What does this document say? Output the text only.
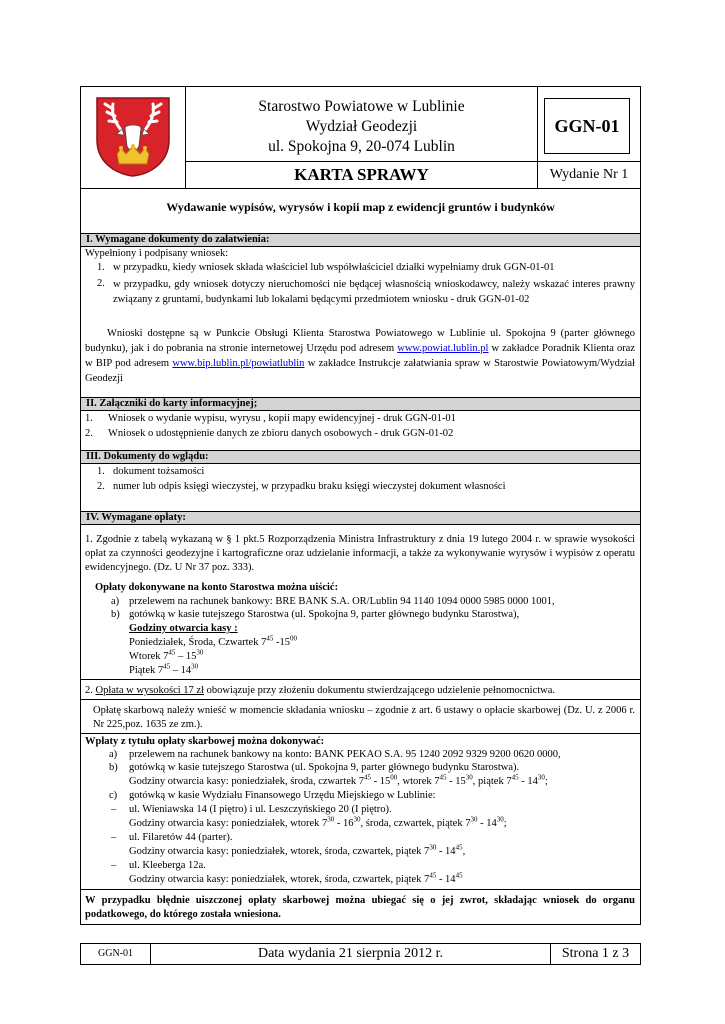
Starostwo Powiatowe w Lublinie
Wydział Geodezji
ul. Spokojna 9, 20-074 Lublin
GGN-01
KARTA SPRAWY	Wydanie Nr 1
Wydawanie wypisów, wyrysów i kopii map z ewidencji gruntów i budynków
I. Wymagane dokumenty do załatwienia:
Wypełniony i podpisany wniosek:
1. w przypadku, kiedy wniosek składa właściciel lub współwłaściciel działki wypełniamy druk GGN-01-01
2. w przypadku, gdy wniosek dotyczy nieruchomości nie będącej własnością wnioskodawcy, należy wskazać interes prawny związany z gruntami, budynkami lub lokalami będącymi przedmiotem wniosku - druk GGN-01-02
Wnioski dostępne są w Punkcie Obsługi Klienta Starostwa Powiatowego w Lublinie ul. Spokojna 9 (parter głównego budynku), jak i do pobrania na stronie internetowej Urzędu pod adresem www.powiat.lublin.pl w zakładce Poradnik Klienta oraz w BIP pod adresem www.bip.lublin.pl/powiatlublin w zakładce Instrukcje załatwiania spraw w Starostwie Powiatowym/Wydział Geodezji
II. Załączniki do karty informacyjnej;
1. Wniosek o wydanie wypisu, wyrysu , kopii mapy ewidencyjnej - druk GGN-01-01
2. Wniosek o udostępnienie danych ze zbioru danych osobowych - druk GGN-01-02
III. Dokumenty do wglądu:
1. dokument tożsamości
2. numer lub odpis księgi wieczystej, w przypadku braku księgi wieczystej dokument własności
IV. Wymagane opłaty:
1. Zgodnie z tabelą wykazaną w § 1 pkt.5 Rozporządzenia Ministra Infrastruktury z dnia 19 lutego 2004 r. w sprawie wysokości opłat za czynności geodezyjne i kartograficzne oraz udzielanie informacji, a także za wykonywanie wyrysów i wypisów z operatu ewidencyjnego. (Dz. U Nr 37 poz. 333).
Opłaty dokonywane na konto Starostwa można uiścić:
a) przelewem na rachunek bankowy: BRE BANK S.A. OR/Lublin 94 1140 1094 0000 5985 0000 1001,
b) gotówką w kasie tutejszego Starostwa (ul. Spokojna 9, parter głównego budynku Starostwa),
Godziny otwarcia kasy :
Poniedziałek, Środa, Czwartek $7^{45}$ $-15^{00}$
Wtorek $7^{45} - 15^{30}$
Piątek $7^{45} - 14^{30}$
2. Opłata w wysokości 17 zł obowiązuje przy złożeniu dokumentu stwierdzającego udzielenie pełnomocnictwa.
Opłatę skarbową należy wnieść w momencie składania wniosku – zgodnie z art. 6 ustawy o opłacie skarbowej (Dz. U. z 2006 r. Nr 225,poz. 1635 ze zm.).
Wpłaty z tytułu opłaty skarbowej można dokonywać:
a) przelewem na rachunek bankowy na konto: BANK PEKAO S.A. 95 1240 2092 9329 9200 0620 0000,
b) gotówką w kasie tutejszego Starostwa (ul. Spokojna 9, parter głównego budynku Starostwa).
Godziny otwarcia kasy: poniedziałek, środa, czwartek $7^{45} - 15^{00}$, wtorek $7^{45} - 15^{30}$, piątek $7^{45} - 14^{30}$;
c) gotówką w kasie Wydziału Finansowego Urzędu Miejskiego w Lublinie:
– ul. Wieniawska 14 (I piętro) i ul. Leszczyńskiego 20 (I piętro).
Godziny otwarcia kasy: poniedziałek, wtorek $7^{30} - 16^{30}$, środa, czwartek, piątek $7^{30} - 14^{30}$;
– ul. Filaretów 44 (parter).
Godziny otwarcia kasy: poniedziałek, wtorek, środa, czwartek, piątek $7^{30} - 14^{45}$,
– ul. Kleeberga 12a.
Godziny otwarcia kasy: poniedziałek, wtorek, środa, czwartek, piątek $7^{45} - 14^{45}$
W przypadku błędnie uiszczonej opłaty skarbowej można ubiegać się o jej zwrot, składając wniosek do organu podatkowego, do którego została wniesiona.
GGN-01	Data wydania 21 sierpnia 2012 r.	Strona 1 z 3
